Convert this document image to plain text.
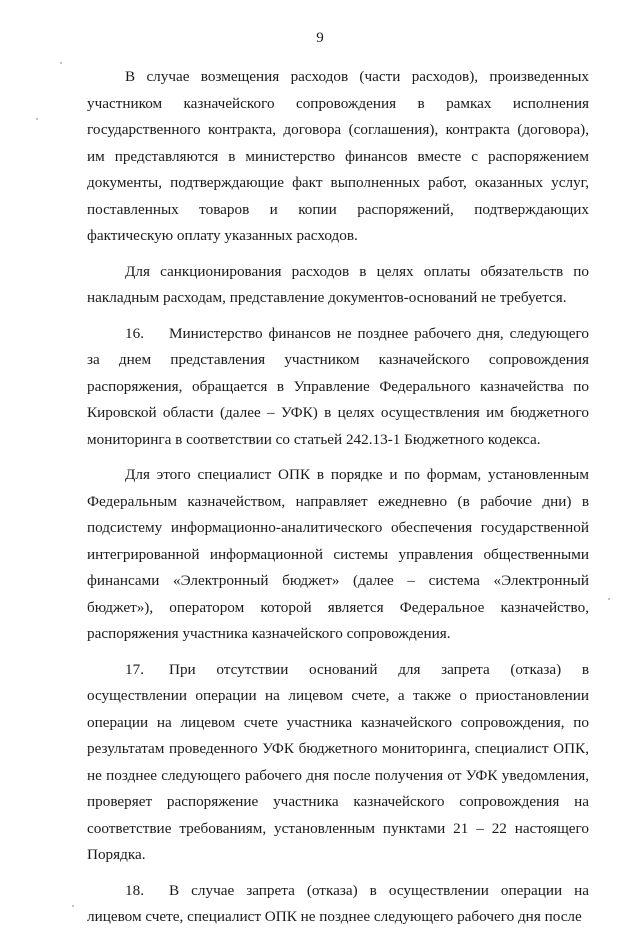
9

В случае возмещения расходов (части расходов), произведенных участником казначейского сопровождения в рамках исполнения государственного контракта, договора (соглашения), контракта (договора), им представляются в министерство финансов вместе с распоряжением документы, подтверждающие факт выполненных работ, оказанных услуг, поставленных товаров и копии распоряжений, подтверждающих фактическую оплату указанных расходов.

Для санкционирования расходов в целях оплаты обязательств по накладным расходам, представление документов-оснований не требуется.

16. Министерство финансов не позднее рабочего дня, следующего за днем представления участником казначейского сопровождения распоряжения, обращается в Управление Федерального казначейства по Кировской области (далее – УФК) в целях осуществления им бюджетного мониторинга в соответствии со статьей 242.13-1 Бюджетного кодекса.

Для этого специалист ОПК в порядке и по формам, установленным Федеральным казначейством, направляет ежедневно (в рабочие дни) в подсистему информационно-аналитического обеспечения государственной интегрированной информационной системы управления общественными финансами «Электронный бюджет» (далее – система «Электронный бюджет»), оператором которой является Федеральное казначейство, распоряжения участника казначейского сопровождения.

17. При отсутствии оснований для запрета (отказа) в осуществлении операции на лицевом счете, а также о приостановлении операции на лицевом счете участника казначейского сопровождения, по результатам проведенного УФК бюджетного мониторинга, специалист ОПК, не позднее следующего рабочего дня после получения от УФК уведомления, проверяет распоряжение участника казначейского сопровождения на соответствие требованиям, установленным пунктами 21 – 22 настоящего Порядка.

18. В случае запрета (отказа) в осуществлении операции на лицевом счете, специалист ОПК не позднее следующего рабочего дня после
